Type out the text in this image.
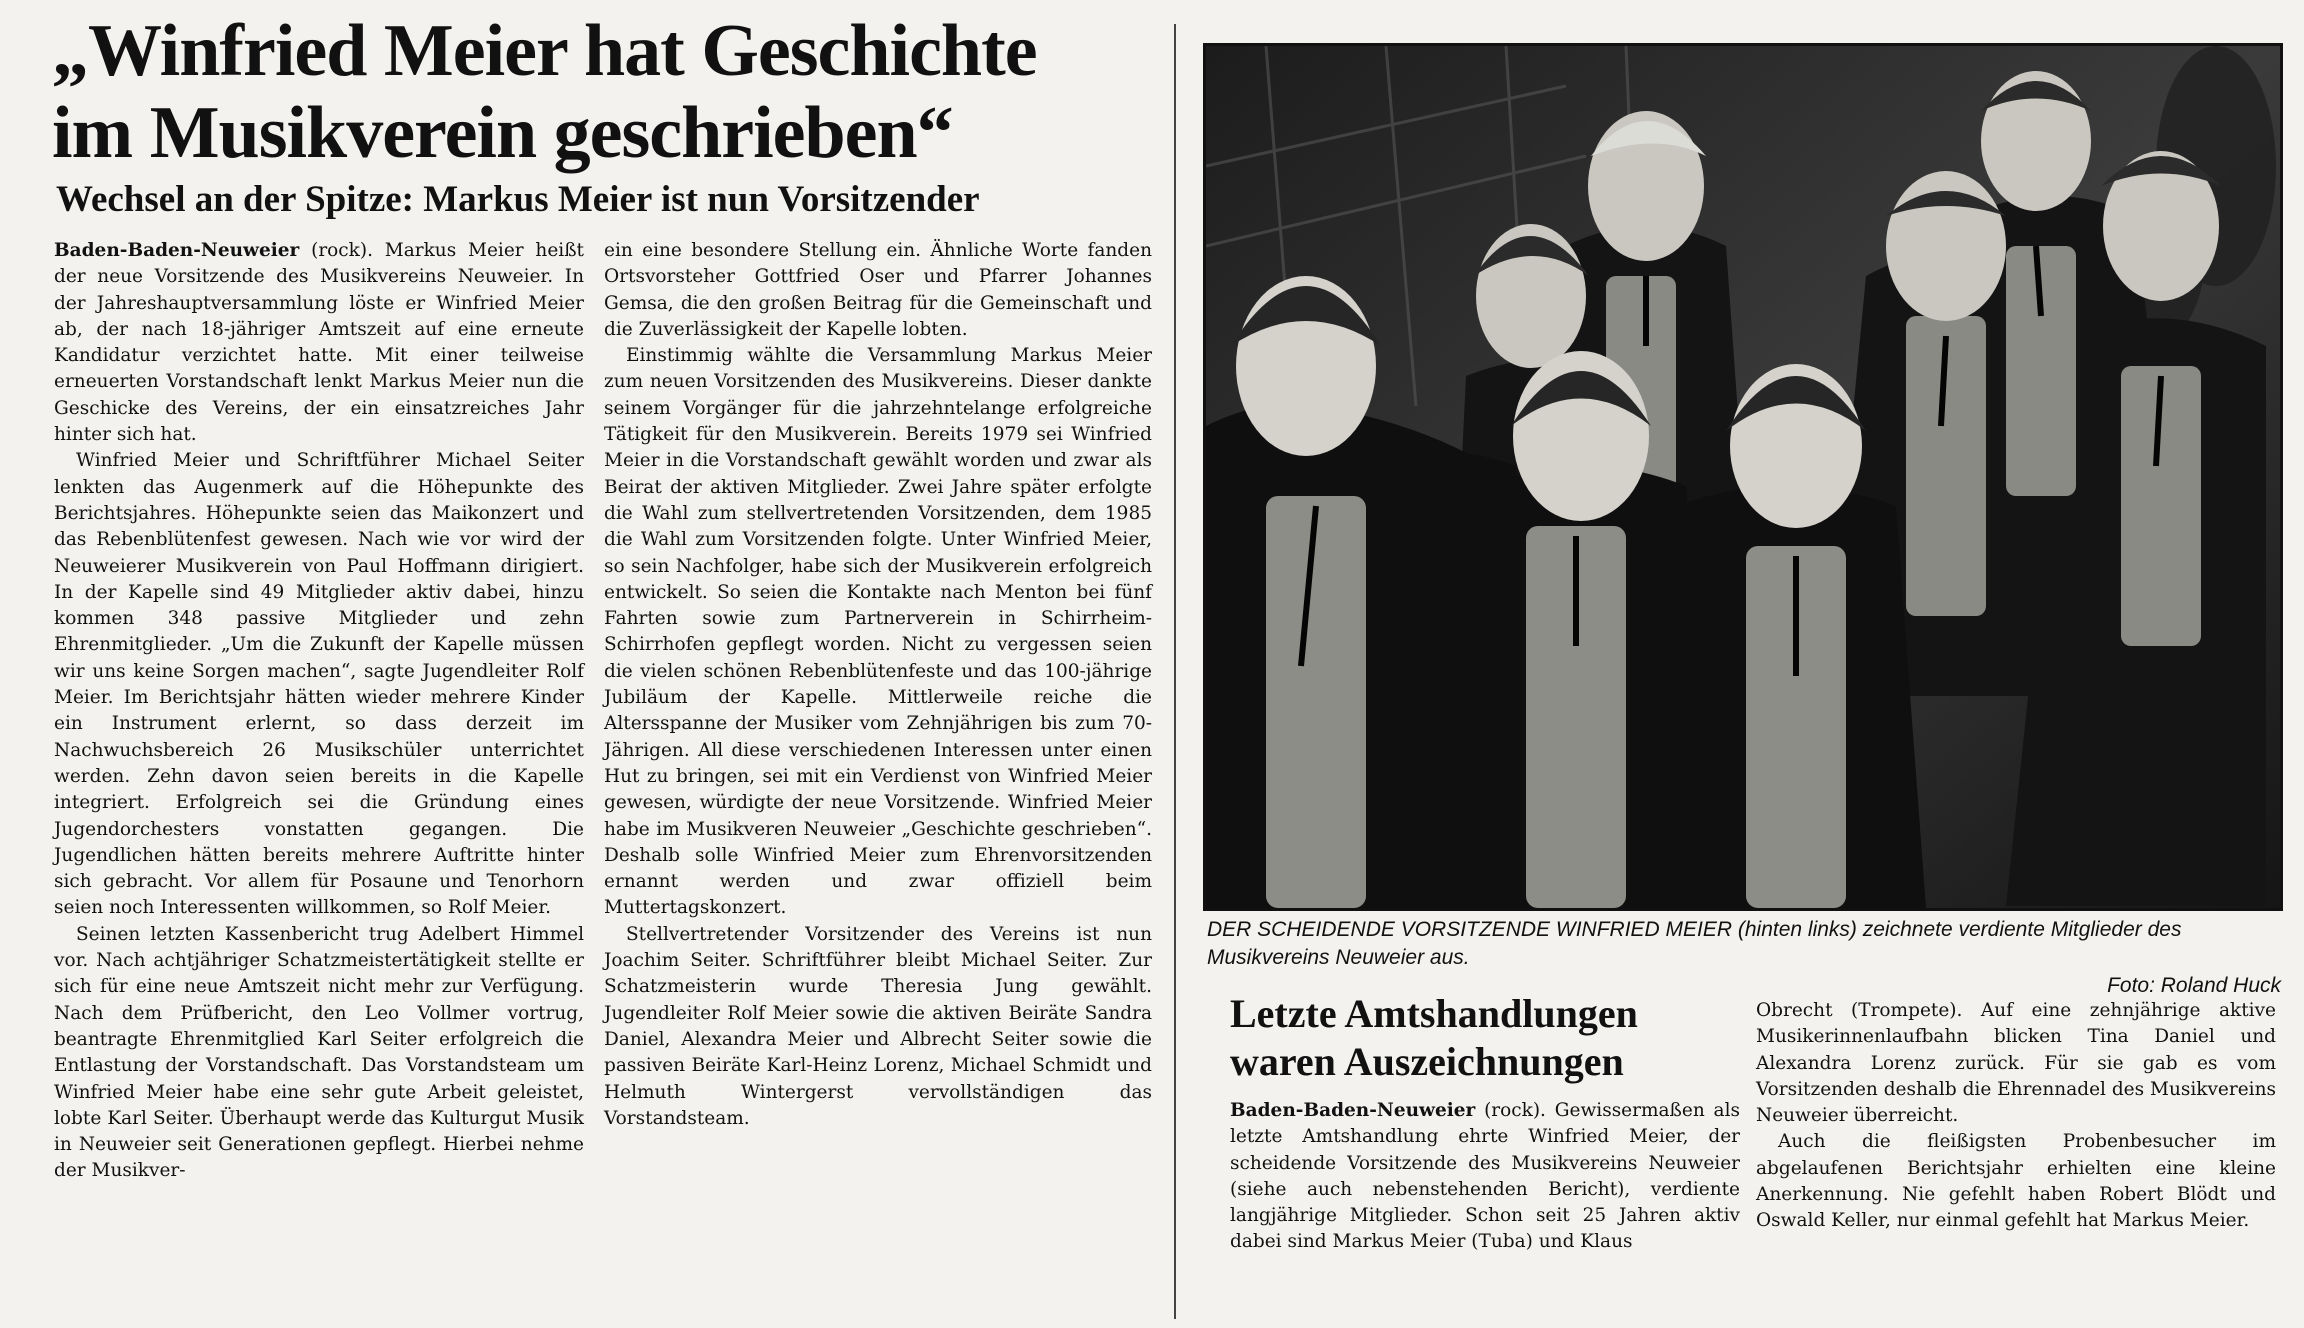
„Winfried Meier hat Geschichte
im Musikverein geschrieben“
Wechsel an der Spitze: Markus Meier ist nun Vorsitzender

Baden-Baden-Neuweier (rock). Markus Meier heißt der neue Vorsitzende des Musikvereins Neuweier. In der Jahreshauptversammlung löste er Winfried Meier ab, der nach 18-jähriger Amtszeit auf eine erneute Kandidatur verzichtet hatte. Mit einer teilweise erneuerten Vorstandschaft lenkt Markus Meier nun die Geschicke des Vereins, der ein einsatzreiches Jahr hinter sich hat.

Winfried Meier und Schriftführer Michael Seiter lenkten das Augenmerk auf die Höhepunkte des Berichtsjahres. Höhepunkte seien das Maikonzert und das Rebenblütenfest gewesen. Nach wie vor wird der Neuweierer Musikverein von Paul Hoffmann dirigiert. In der Kapelle sind 49 Mitglieder aktiv dabei, hinzu kommen 348 passive Mitglieder und zehn Ehrenmitglieder. „Um die Zukunft der Kapelle müssen wir uns keine Sorgen machen“, sagte Jugendleiter Rolf Meier. Im Berichtsjahr hätten wieder mehrere Kinder ein Instrument erlernt, so dass derzeit im Nachwuchsbereich 26 Musikschüler unterrichtet werden. Zehn davon seien bereits in die Kapelle integriert. Erfolgreich sei die Gründung eines Jugendorchesters vonstatten gegangen. Die Jugendlichen hätten bereits mehrere Auftritte hinter sich gebracht. Vor allem für Posaune und Tenorhorn seien noch Interessenten willkommen, so Rolf Meier.

Seinen letzten Kassenbericht trug Adelbert Himmel vor. Nach achtjähriger Schatzmeistertätigkeit stellte er sich für eine neue Amtszeit nicht mehr zur Verfügung. Nach dem Prüfbericht, den Leo Vollmer vortrug, beantragte Ehrenmitglied Karl Seiter erfolgreich die Entlastung der Vorstandschaft. Das Vorstandsteam um Winfried Meier habe eine sehr gute Arbeit geleistet, lobte Karl Seiter. Überhaupt werde das Kulturgut Musik in Neuweier seit Generationen gepflegt. Hierbei nehme der Musikver-

ein eine besondere Stellung ein. Ähnliche Worte fanden Ortsvorsteher Gottfried Oser und Pfarrer Johannes Gemsa, die den großen Beitrag für die Gemeinschaft und die Zuverlässigkeit der Kapelle lobten.

Einstimmig wählte die Versammlung Markus Meier zum neuen Vorsitzenden des Musikvereins. Dieser dankte seinem Vorgänger für die jahrzehntelange erfolgreiche Tätigkeit für den Musikverein. Bereits 1979 sei Winfried Meier in die Vorstandschaft gewählt worden und zwar als Beirat der aktiven Mitglieder. Zwei Jahre später erfolgte die Wahl zum stellvertretenden Vorsitzenden, dem 1985 die Wahl zum Vorsitzenden folgte. Unter Winfried Meier, so sein Nachfolger, habe sich der Musikverein erfolgreich entwickelt. So seien die Kontakte nach Menton bei fünf Fahrten sowie zum Partnerverein in Schirrheim-Schirrhofen gepflegt worden. Nicht zu vergessen seien die vielen schönen Rebenblütenfeste und das 100-jährige Jubiläum der Kapelle. Mittlerweile reiche die Altersspanne der Musiker vom Zehnjährigen bis zum 70-Jährigen. All diese verschiedenen Interessen unter einen Hut zu bringen, sei mit ein Verdienst von Winfried Meier gewesen, würdigte der neue Vorsitzende. Winfried Meier habe im Musikveren Neuweier „Geschichte geschrieben“. Deshalb solle Winfried Meier zum Ehrenvorsitzenden ernannt werden und zwar offiziell beim Muttertagskonzert.

Stellvertretender Vorsitzender des Vereins ist nun Joachim Seiter. Schriftführer bleibt Michael Seiter. Zur Schatzmeisterin wurde Theresia Jung gewählt. Jugendleiter Rolf Meier sowie die aktiven Beiräte Sandra Daniel, Alexandra Meier und Albrecht Seiter sowie die passiven Beiräte Karl-Heinz Lorenz, Michael Schmidt und Helmuth Wintergerst vervollständigen das Vorstandsteam.

DER SCHEIDENDE VORSITZENDE WINFRIED MEIER (hinten links) zeichnete verdiente Mitglieder des Musikvereins Neuweier aus.
Foto: Roland Huck
Letzte Amtshandlungen
waren Auszeichnungen

Baden-Baden-Neuweier (rock). Gewissermaßen als letzte Amtshandlung ehrte Winfried Meier, der scheidende Vorsitzende des Musikvereins Neuweier (siehe auch nebenstehenden Bericht), verdiente langjährige Mitglieder. Schon seit 25 Jahren aktiv dabei sind Markus Meier (Tuba) und Klaus

Obrecht (Trompete). Auf eine zehnjährige aktive Musikerinnenlaufbahn blicken Tina Daniel und Alexandra Lorenz zurück. Für sie gab es vom Vorsitzenden deshalb die Ehrennadel des Musikvereins Neuweier überreicht.

Auch die fleißigsten Probenbesucher im abgelaufenen Berichtsjahr erhielten eine kleine Anerkennung. Nie gefehlt haben Robert Blödt und Oswald Keller, nur einmal gefehlt hat Markus Meier.
